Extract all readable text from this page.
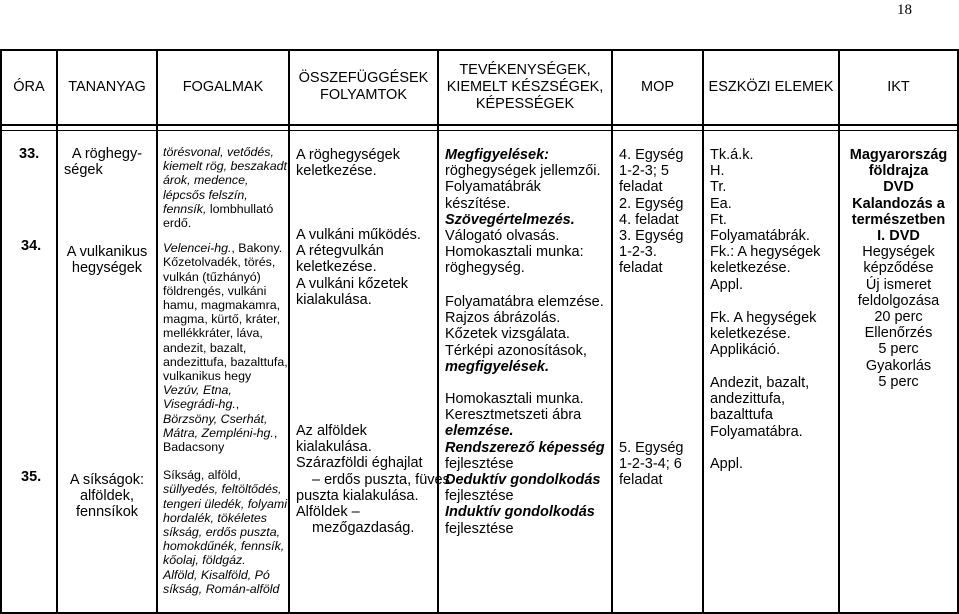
18
ÓRA TANANYAG	FOGALMAK
ÖSSZEFÜGGÉSEK
FOLYAMTOK
TEVÉKENYSÉGEK,
KIEMELT KÉSZSÉGEK,
KÉPESSÉGEK
MOP ESZKÖZI ELEMEK	IKT
33.
34.
35.
A röghegy-
ségek
A vulkanikus
hegységek
A síkságok:
alföldek,
fennsíkok
törésvonal, vetődés,
kiemelt rög, beszakadt
árok, medence,
lépcsős felszín,
fennsík, lombhullató
erdő.
Velencei-hg., Bakony.
Kőzetolvadék, törés,
vulkán (tűzhányó)
földrengés, vulkáni
hamu, magmakamra,
magma, kürtő, kráter,
mellékkráter, láva,
andezit, bazalt,
andezittufa, bazalttufa,
vulkanikus hegy
Vezúv, Etna,
Visegrádi-hg.,
Börzsöny, Cserhát,
Mátra, Zempléni-hg.,
Badacsony
Síkság, alföld,
süllyedés, feltöltődés,
tengeri üledék, folyami
hordalék, tökéletes
síkság, erdős puszta,
homokdűnék, fennsík,
kőolaj, földgáz.
Alföld, Kisalföld, Pó
síkság, Román-alföld
A röghegységek
keletkezése.
A vulkáni működés.
A rétegvulkán
keletkezése.
A vulkáni kőzetek
kialakulása.
Az alföldek
kialakulása.
Szárazföldi éghajlat
– erdős puszta, füves
puszta kialakulása.
Alföldek –
mezőgazdaság.
Megfigyelések:
röghegységek jellemzői.
Folyamatábrák
készítése.
Szövegértelmezés.
Válogató olvasás.
Homokasztali munka:
röghegység.
Folyamatábra elemzése.
Rajzos ábrázolás.
Kőzetek vizsgálata.
Térképi azonosítások,
megfigyelések.
Homokasztali munka.
Keresztmetszeti ábra
elemzése.
Rendszerező képesség
fejlesztése
Deduktív gondolkodás
fejlesztése
Induktív gondolkodás
fejlesztése
4. Egység
1-2-3; 5
feladat
2. Egység
4. feladat
3. Egység
1-2-3.
feladat
5. Egység
1-2-3-4; 6
feladat
Tk.á.k.
H.
Tr.
Ea.
Ft.
Folyamatábrák.
Fk.: A hegységek
keletkezése.
Appl.
Fk. A hegységek
keletkezése.
Applikáció.
Andezit, bazalt,
andezittufa,
bazalttufa
Folyamatábra.
Appl.
Magyarország
földrajza
DVD
Kalandozás a
természetben
I. DVD
Hegységek
képződése
Új ismeret
feldolgozása
20 perc
Ellenőrzés
5 perc
Gyakorlás
5 perc
